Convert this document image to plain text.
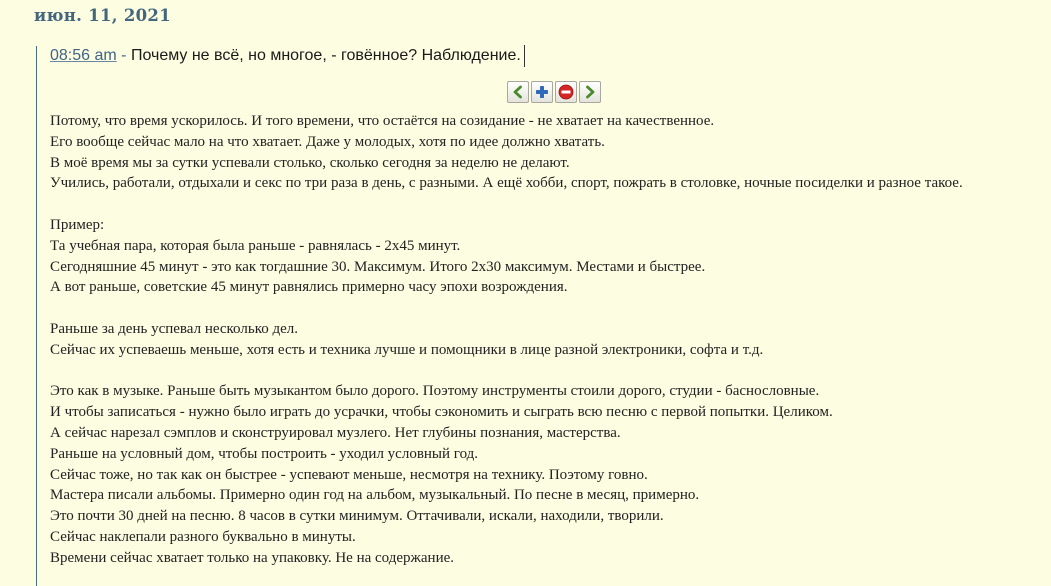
июн. 11, 2021
08:56 am - Почему не всё, но многое, - говённое? Наблюдение.
Потому, что время ускорилось. И того времени, что остаётся на созидание - не хватает на качественное.
Его вообще сейчас мало на что хватает. Даже у молодых, хотя по идее должно хватать.
В моё время мы за сутки успевали столько, сколько сегодня за неделю не делают.
Учились, работали, отдыхали и секс по три раза в день, с разными. А ещё хобби, спорт, пожрать в столовке, ночные посиделки и разное такое.
Пример:
Та учебная пара, которая была раньше - равнялась - 2х45 минут.
Сегодняшние 45 минут - это как тогдашние 30. Максимум. Итого 2х30 максимум. Местами и быстрее.
А вот раньше, советские 45 минут равнялись примерно часу эпохи возрождения.
Раньше за день успевал несколько дел.
Сейчас их успеваешь меньше, хотя есть и техника лучше и помощники в лице разной электроники, софта и т.д.
Это как в музыке. Раньше быть музыкантом было дорого. Поэтому инструменты стоили дорого, студии - баснословные.
И чтобы записаться - нужно было играть до усрачки, чтобы сэкономить и сыграть всю песню с первой попытки. Целиком.
А сейчас нарезал сэмплов и сконструировал музлего. Нет глубины познания, мастерства.
Раньше на условный дом, чтобы построить - уходил условный год.
Сейчас тоже, но так как он быстрее - успевают меньше, несмотря на технику. Поэтому говно.
Мастера писали альбомы. Примерно один год на альбом, музыкальный. По песне в месяц, примерно.
Это почти 30 дней на песню. 8 часов в сутки минимум. Оттачивали, искали, находили, творили.
Сейчас наклепали разного буквально в минуты.
Времени сейчас хватает только на упаковку. Не на содержание.
